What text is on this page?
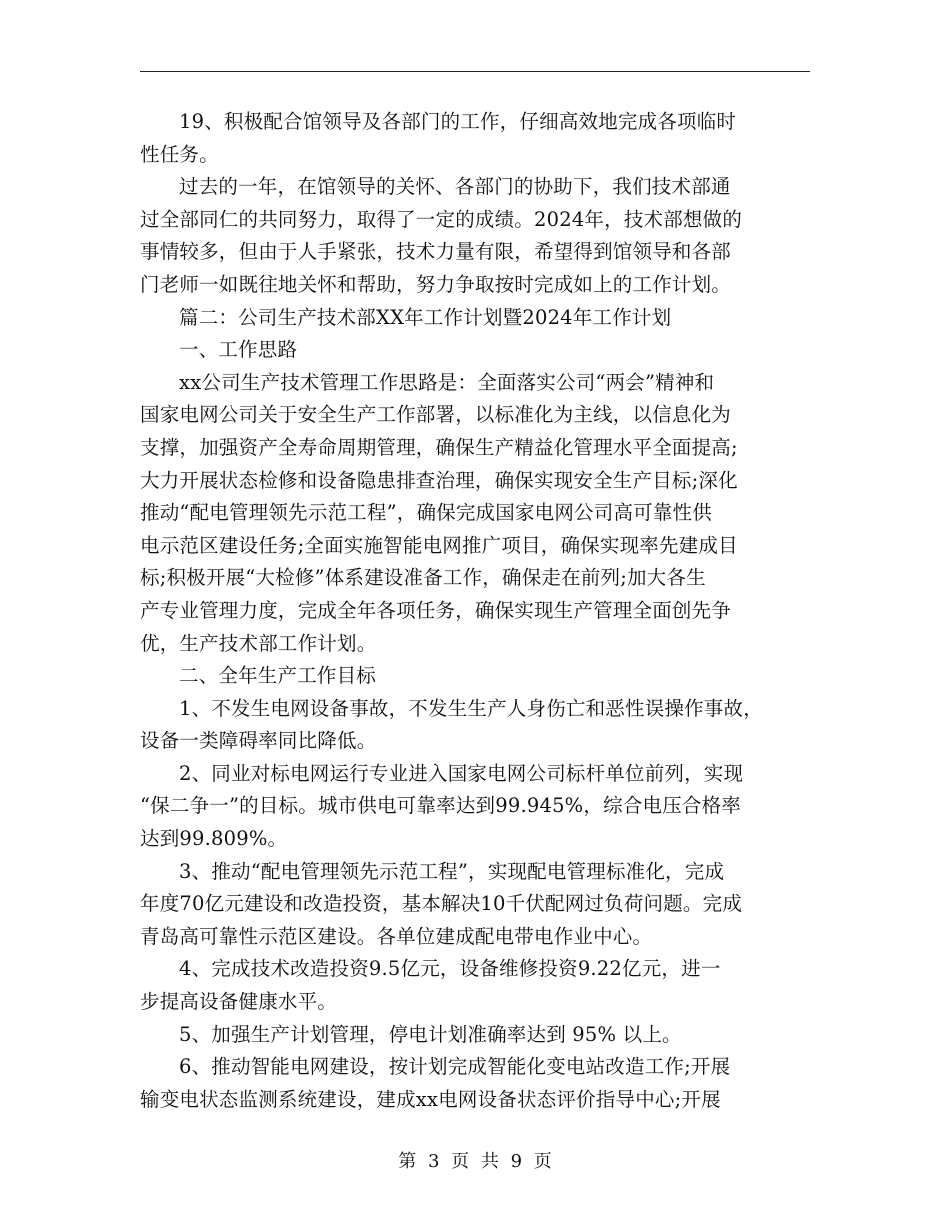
19、积极配合馆领导及各部门的工作，仔细高效地完成各项临时
性任务。
过去的一年，在馆领导的关怀、各部门的协助下，我们技术部通
过全部同仁的共同努力，取得了一定的成绩。2024年，技术部想做的
事情较多，但由于人手紧张，技术力量有限，希望得到馆领导和各部
门老师一如既往地关怀和帮助，努力争取按时完成如上的工作计划。
篇二：公司生产技术部XX年工作计划暨2024年工作计划
一、工作思路
xx公司生产技术管理工作思路是：全面落实公司“两会”精神和
国家电网公司关于安全生产工作部署，以标准化为主线，以信息化为
支撑，加强资产全寿命周期管理，确保生产精益化管理水平全面提高;
大力开展状态检修和设备隐患排查治理，确保实现安全生产目标;深化
推动“配电管理领先示范工程”，确保完成国家电网公司高可靠性供
电示范区建设任务;全面实施智能电网推广项目，确保实现率先建成目
标;积极开展“大检修”体系建设准备工作，确保走在前列;加大各生
产专业管理力度，完成全年各项任务，确保实现生产管理全面创先争
优，生产技术部工作计划。
二、全年生产工作目标
1、不发生电网设备事故，不发生生产人身伤亡和恶性误操作事故，
设备一类障碍率同比降低。
2、同业对标电网运行专业进入国家电网公司标杆单位前列，实现
“保二争一”的目标。城市供电可靠率达到99.945%，综合电压合格率
达到99.809%。
3、推动“配电管理领先示范工程”，实现配电管理标准化，完成
年度70亿元建设和改造投资，基本解决10千伏配网过负荷问题。完成
青岛高可靠性示范区建设。各单位建成配电带电作业中心。
4、完成技术改造投资9.5亿元，设备维修投资9.22亿元，进一
步提高设备健康水平。
5、加强生产计划管理，停电计划准确率达到 95% 以上。
6、推动智能电网建设，按计划完成智能化变电站改造工作;开展
输变电状态监测系统建设，建成xx电网设备状态评价指导中心;开展
第 3 页 共 9 页
